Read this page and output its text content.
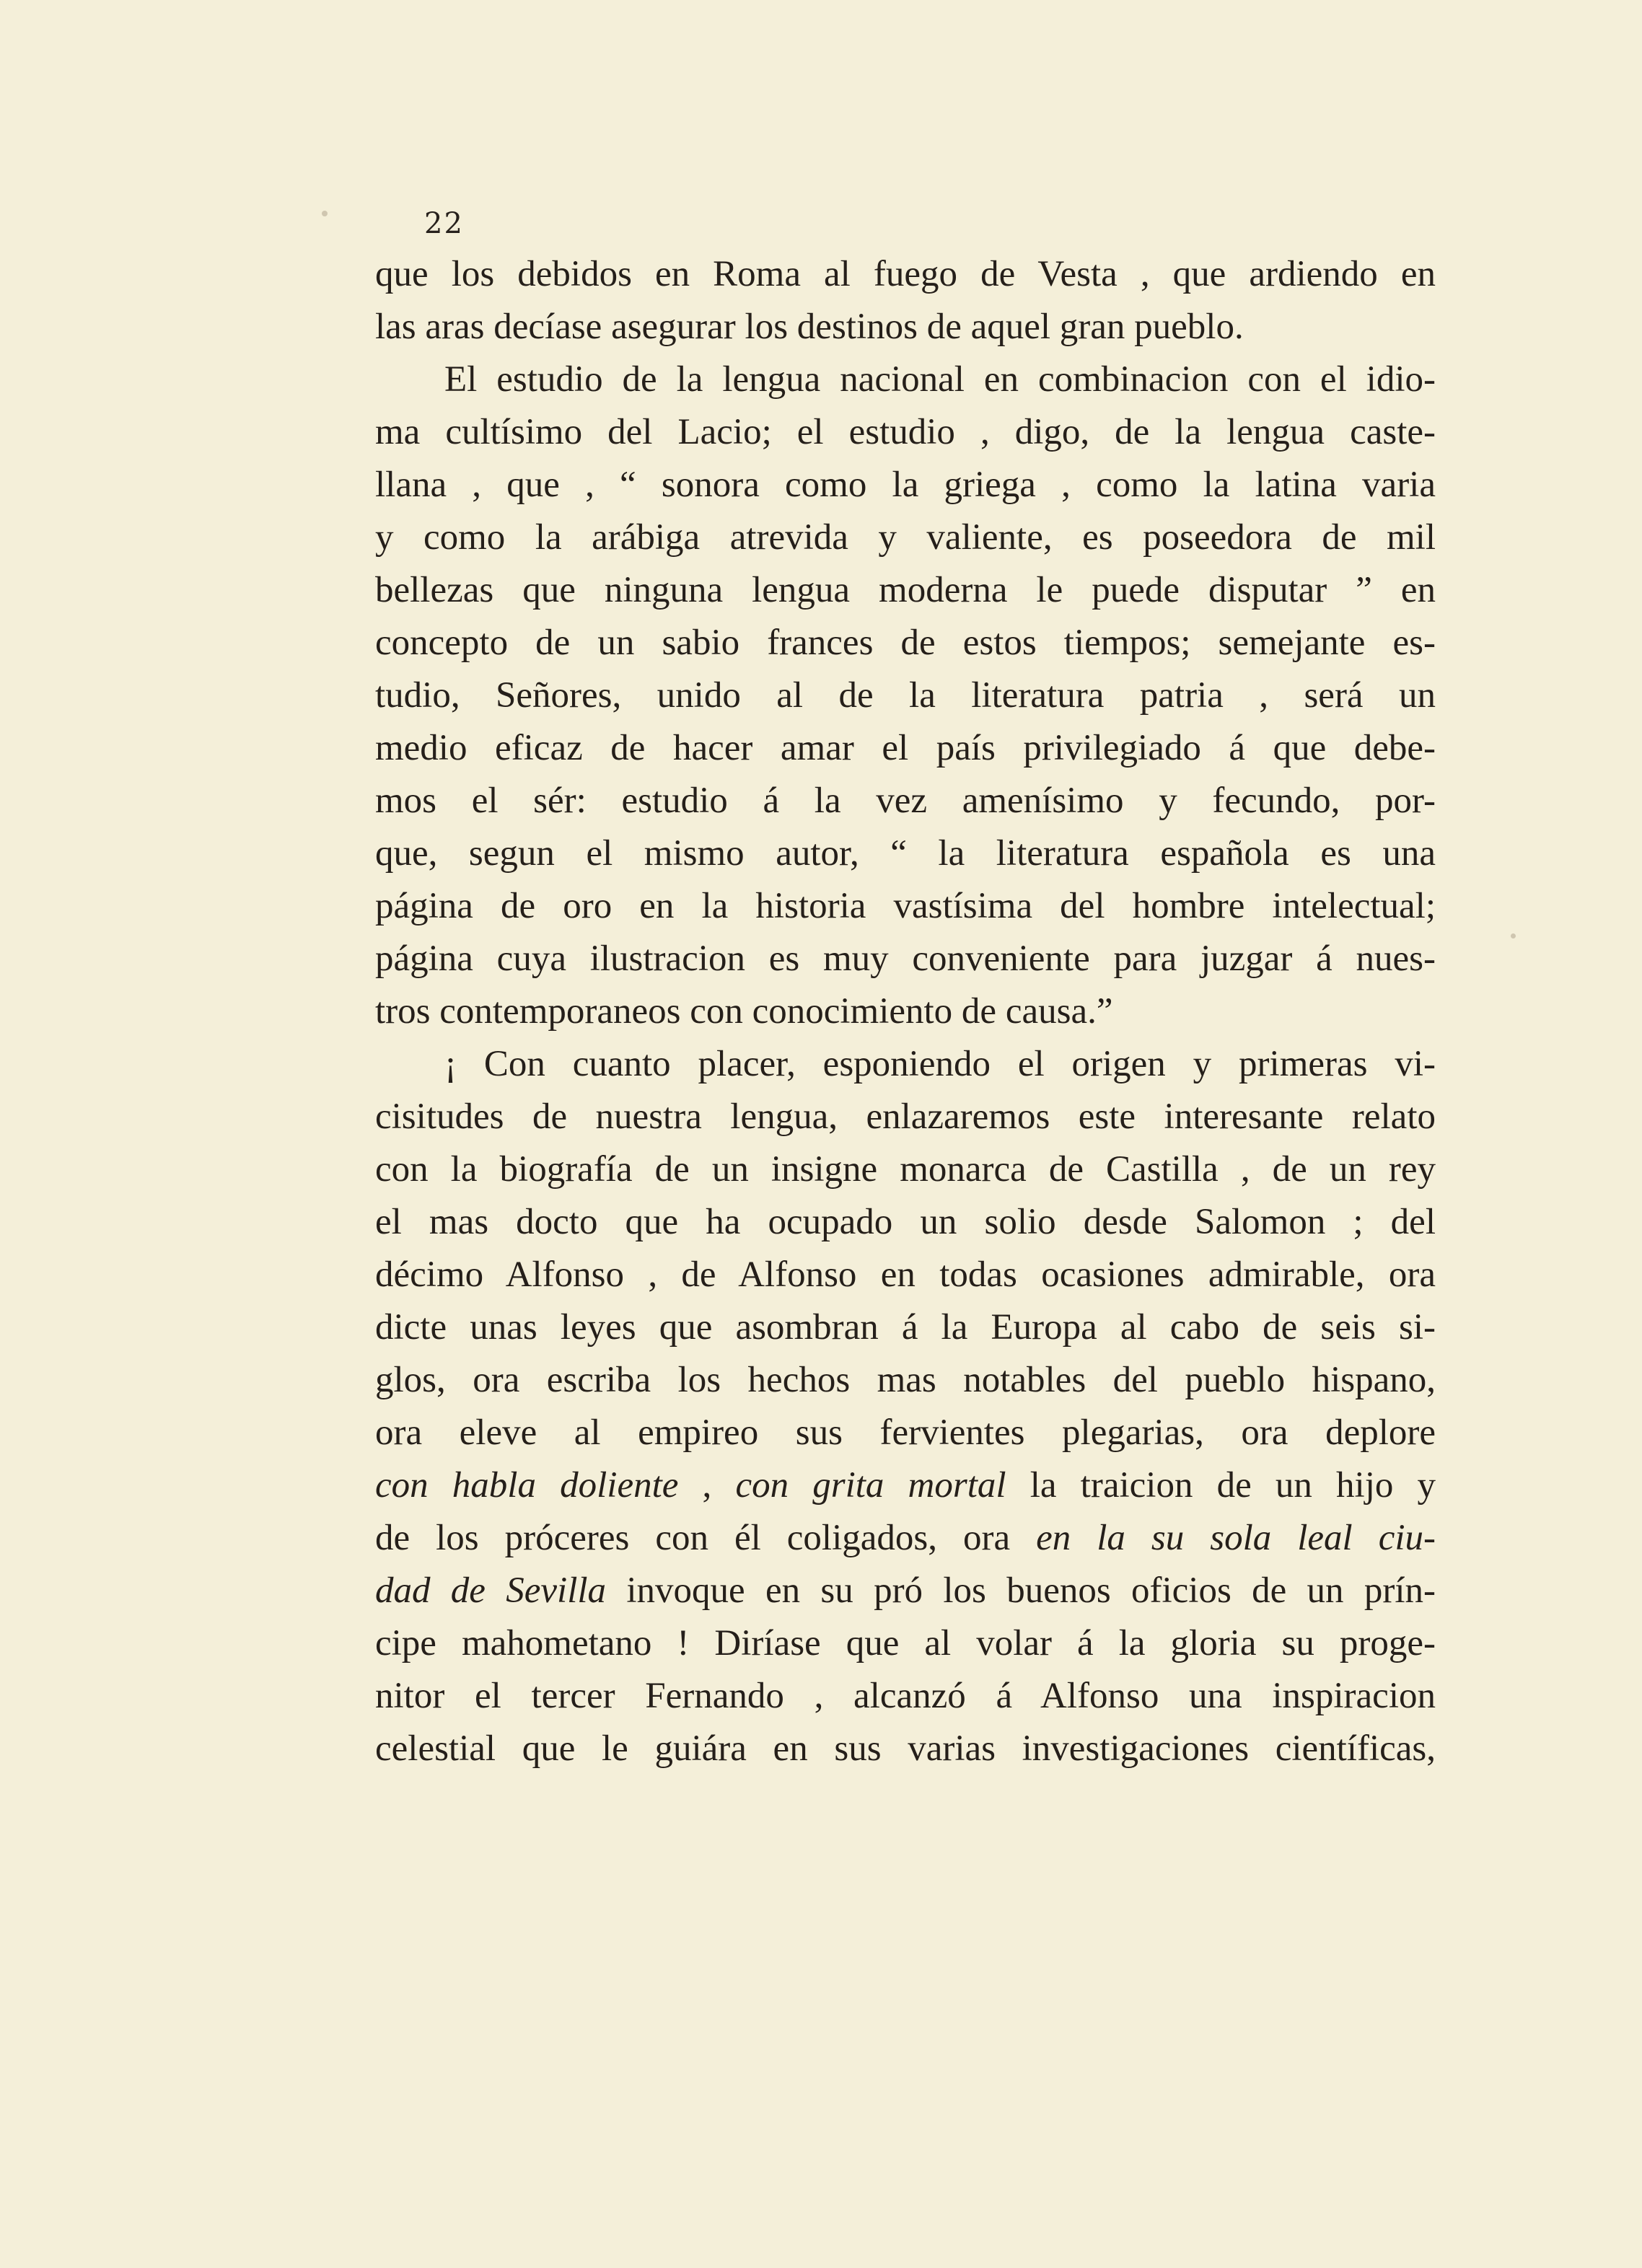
22
que los debidos en Roma al fuego de Vesta , que ardiendo en
las aras decíase asegurar los destinos de aquel gran pueblo.
El estudio de la lengua nacional en combinacion con el idio-
ma cultísimo del Lacio; el estudio , digo, de la lengua caste-
llana , que , “ sonora como la griega , como la latina varia
y como la arábiga atrevida y valiente, es poseedora de mil
bellezas que ninguna lengua moderna le puede disputar ” en
concepto de un sabio frances de estos tiempos; semejante es-
tudio, Señores, unido al de la literatura patria , será un
medio eficaz de hacer amar el país privilegiado á que debe-
mos el sér: estudio á la vez amenísimo y fecundo, por-
que, segun el mismo autor, “ la literatura española es una
página de oro en la historia vastísima del hombre intelectual;
página cuya ilustracion es muy conveniente para juzgar á nues-
tros contemporaneos con conocimiento de causa.”
¡ Con cuanto placer, esponiendo el origen y primeras vi-
cisitudes de nuestra lengua, enlazaremos este interesante relato
con la biografía de un insigne monarca de Castilla , de un rey
el mas docto que ha ocupado un solio desde Salomon ; del
décimo Alfonso , de Alfonso en todas ocasiones admirable, ora
dicte unas leyes que asombran á la Europa al cabo de seis si-
glos, ora escriba los hechos mas notables del pueblo hispano,
ora eleve al empireo sus fervientes plegarias, ora deplore
con habla doliente , con grita mortal la traicion de un hijo y
de los próceres con él coligados, ora en la su sola leal ciu-
dad de Sevilla invoque en su pró los buenos oficios de un prín-
cipe mahometano ! Diríase que al volar á la gloria su proge-
nitor el tercer Fernando , alcanzó á Alfonso una inspiracion
celestial que le guiára en sus varias investigaciones científicas,
